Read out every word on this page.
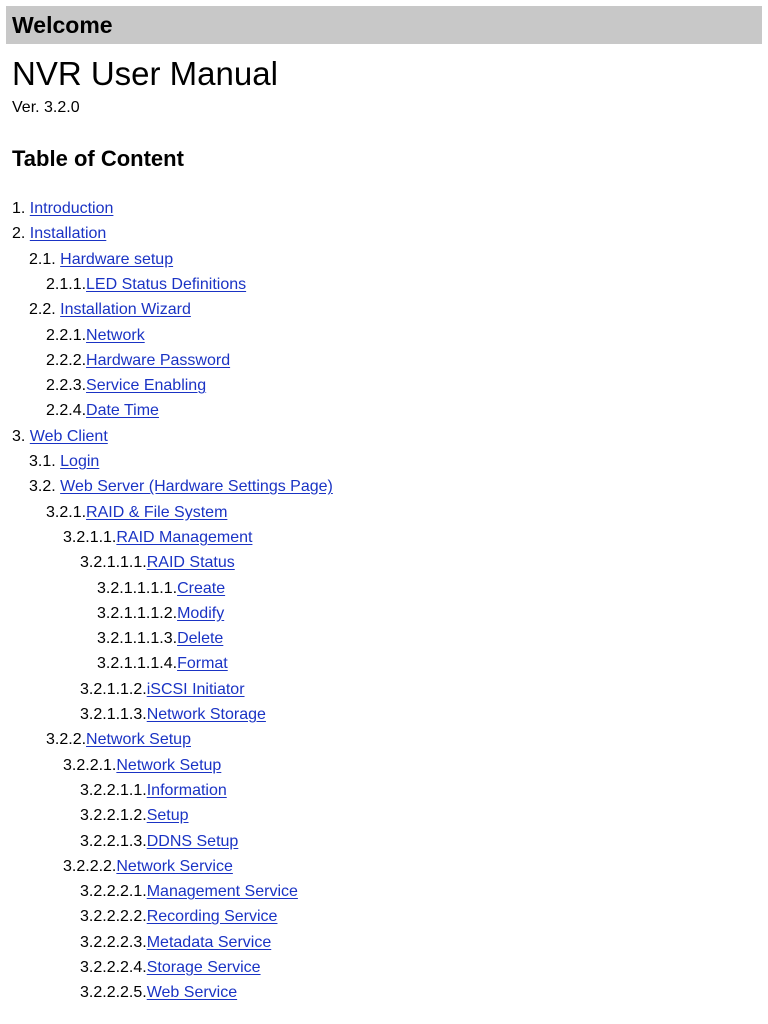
Welcome
NVR User Manual
Ver. 3.2.0
Table of Content
1. Introduction
2. Installation
2.1. Hardware setup
2.1.1.LED Status Definitions
2.2. Installation Wizard
2.2.1.Network
2.2.2.Hardware Password
2.2.3.Service Enabling
2.2.4.Date Time
3. Web Client
3.1. Login
3.2. Web Server (Hardware Settings Page)
3.2.1.RAID & File System
3.2.1.1.RAID Management
3.2.1.1.1.RAID Status
3.2.1.1.1.1.Create
3.2.1.1.1.2.Modify
3.2.1.1.1.3.Delete
3.2.1.1.1.4.Format
3.2.1.1.2.iSCSI Initiator
3.2.1.1.3.Network Storage
3.2.2.Network Setup
3.2.2.1.Network Setup
3.2.2.1.1.Information
3.2.2.1.2.Setup
3.2.2.1.3.DDNS Setup
3.2.2.2.Network Service
3.2.2.2.1.Management Service
3.2.2.2.2.Recording Service
3.2.2.2.3.Metadata Service
3.2.2.2.4.Storage Service
3.2.2.2.5.Web Service
